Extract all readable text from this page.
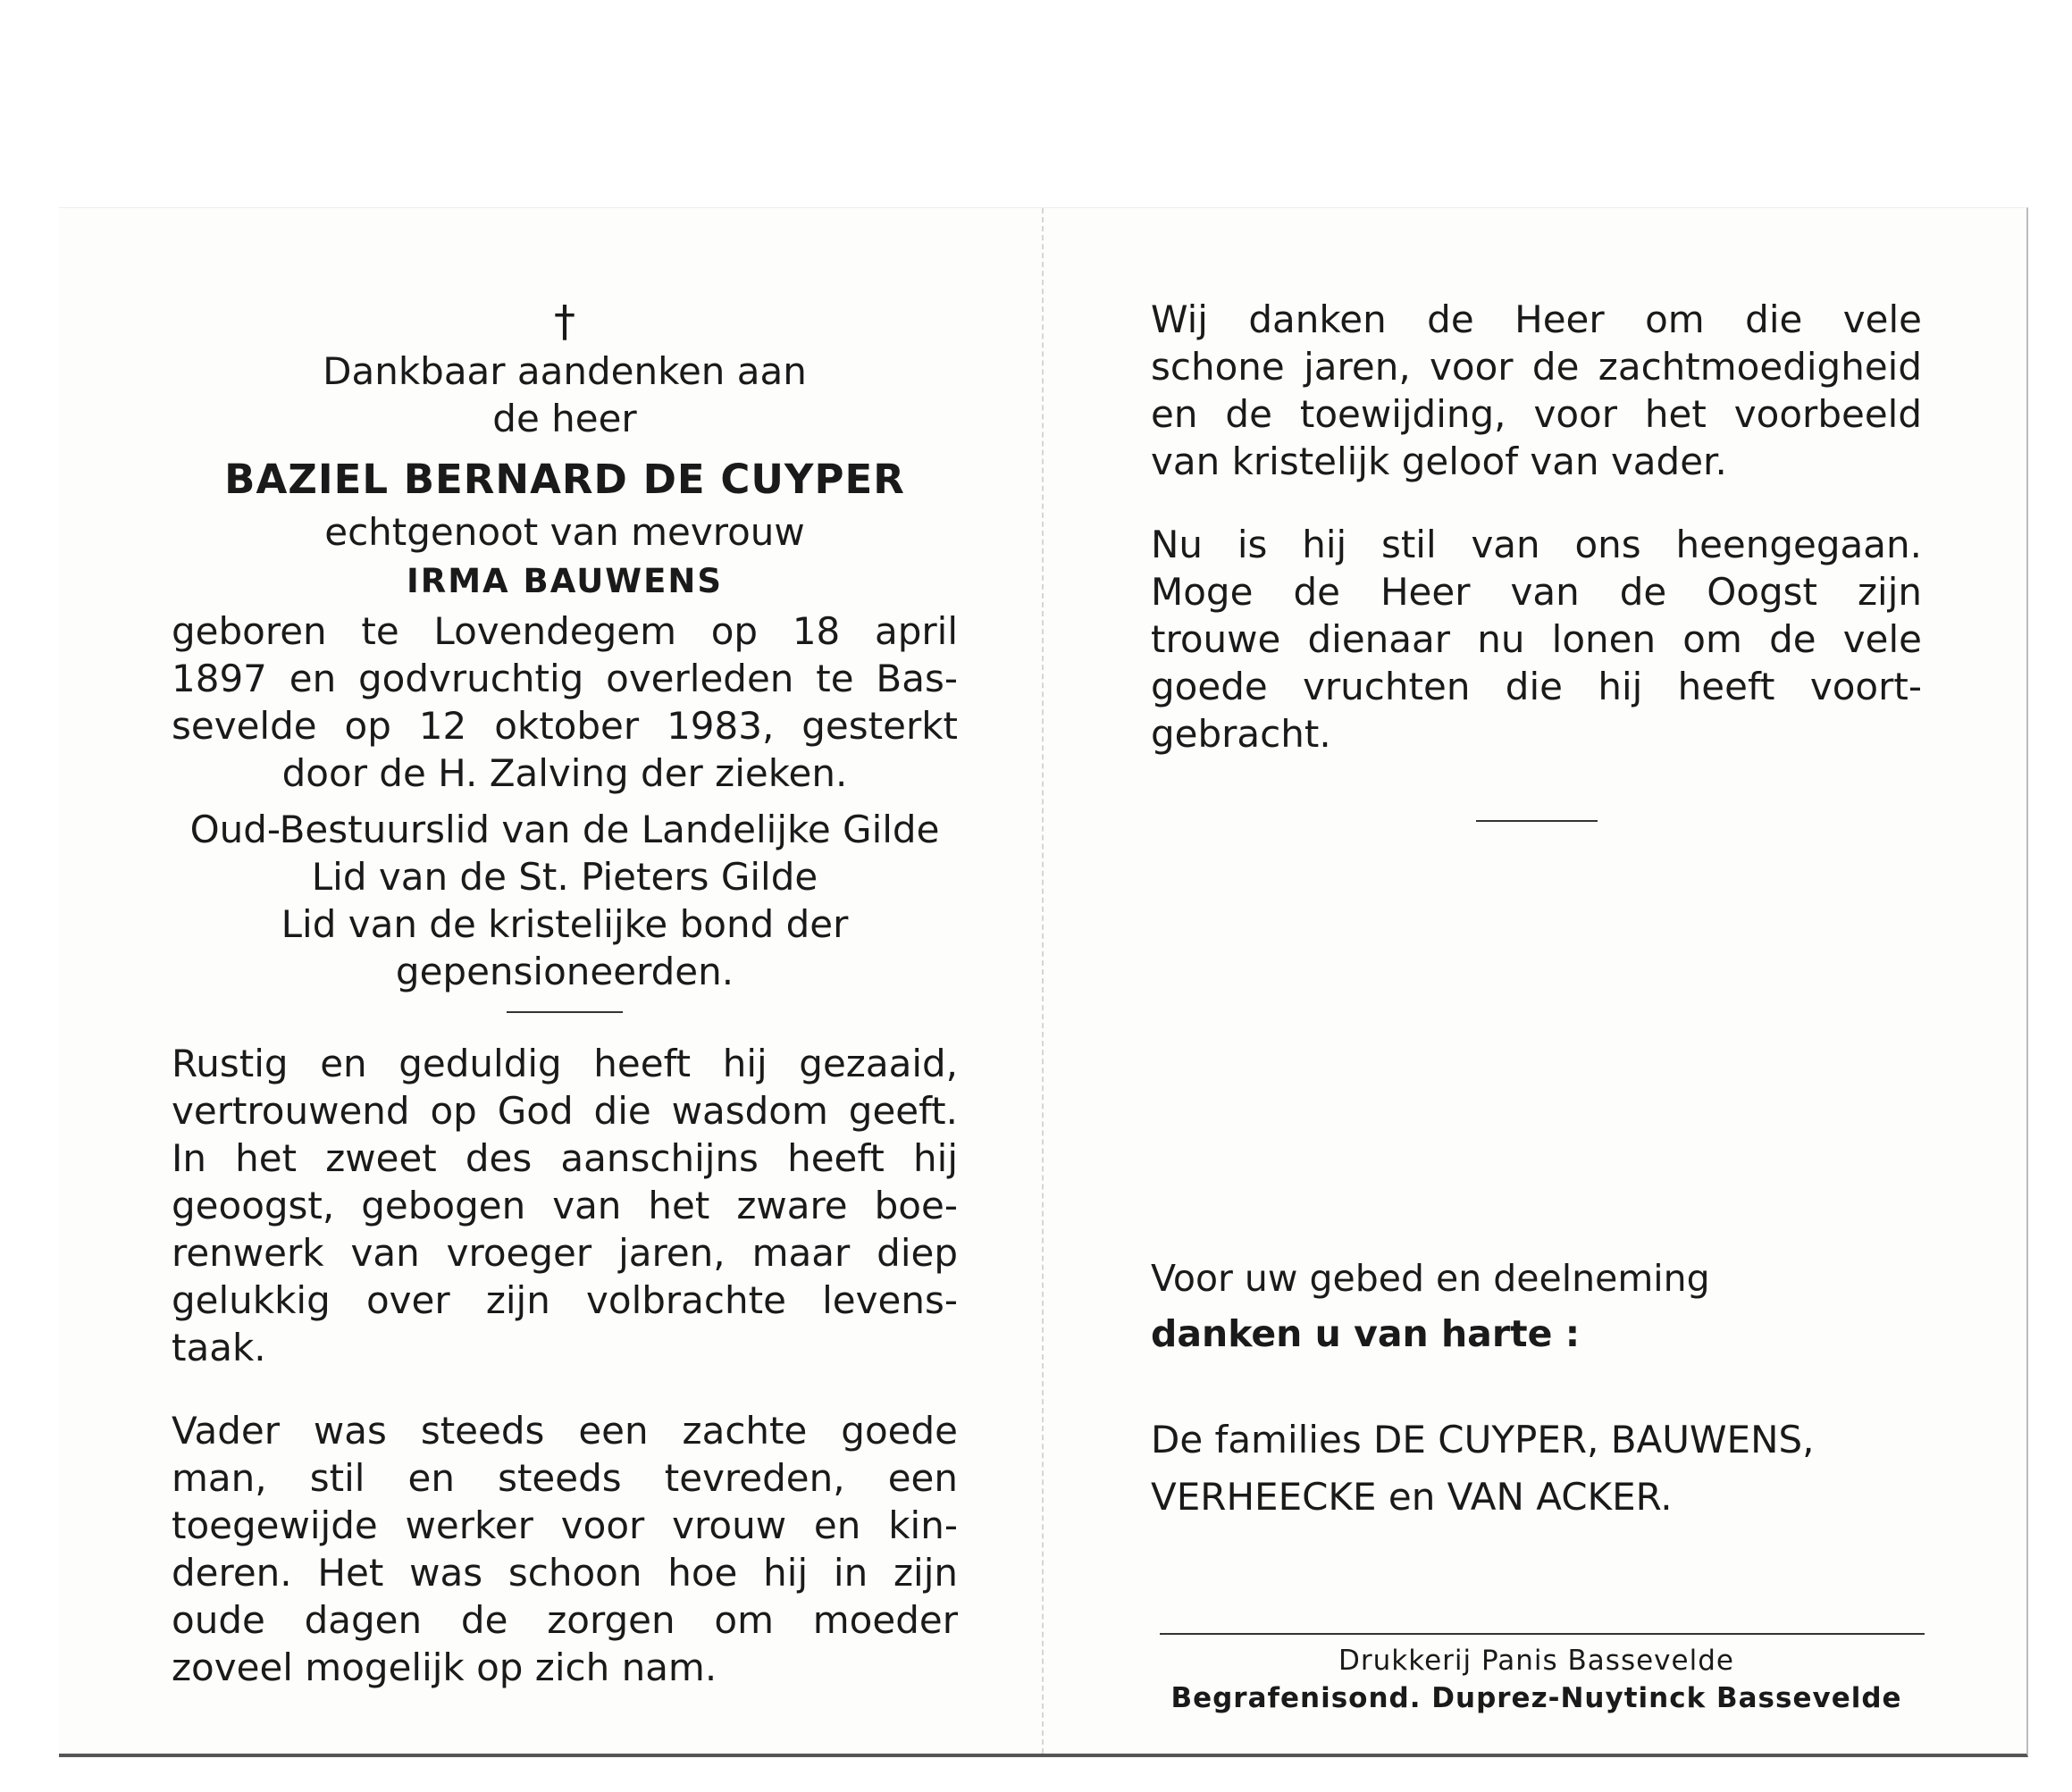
†
Dankbaar aandenken aan
de heer
BAZIEL BERNARD DE CUYPER
echtgenoot van mevrouw
IRMA BAUWENS

geboren te Lovendegem op 18 april

1897 en godvruchtig overleden te Bas-

sevelde op 12 oktober 1983, gesterkt

door de H. Zalving der zieken.
Oud-Bestuurslid van de Landelijke Gilde
Lid van de St. Pieters Gilde
Lid van de kristelijke bond der
gepensioneerden.

Rustig en geduldig heeft hij gezaaid,

vertrouwend op God die wasdom geeft.

In het zweet des aanschijns heeft hij

geoogst, gebogen van het zware boe-

renwerk van vroeger jaren, maar diep

gelukkig over zijn volbrachte levens-

taak.

Vader was steeds een zachte goede

man, stil en steeds tevreden, een

toegewijde werker voor vrouw en kin-

deren. Het was schoon hoe hij in zijn

oude dagen de zorgen om moeder

zoveel mogelijk op zich nam.

Wij danken de Heer om die vele

schone jaren, voor de zachtmoedigheid

en de toewijding, voor het voorbeeld

van kristelijk geloof van vader.

Nu is hij stil van ons heengegaan.

Moge de Heer van de Oogst zijn

trouwe dienaar nu lonen om de vele

goede vruchten die hij heeft voort-

gebracht.

Voor uw gebed en deelneming
danken u van harte :
De families DE CUYPER, BAUWENS,
VERHEECKE en VAN ACKER.
Drukkerij Panis Bassevelde
Begrafenisond. Duprez-Nuytinck Bassevelde
